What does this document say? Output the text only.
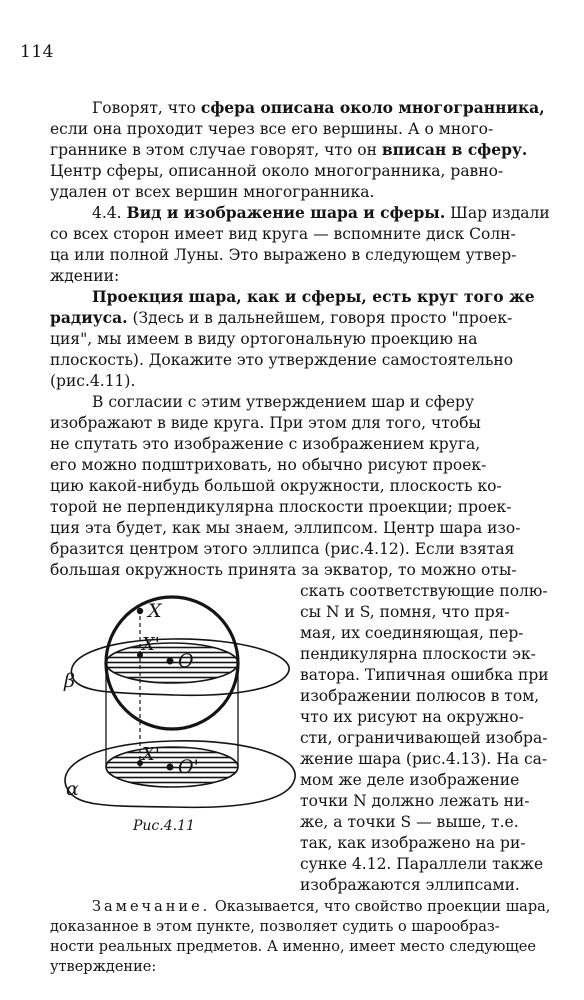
114
Говорят, что сфера описана около многогранника,
если она проходит через все его вершины. А о много-
граннике в этом случае говорят, что он вписан в сферу.
Центр сферы, описанной около многогранника, равно-
удален от всех вершин многогранника.
4.4. Вид и изображение шара и сферы. Шар издали
со всех сторон имеет вид круга — вспомните диск Солн-
ца или полной Луны. Это выражено в следующем утвер-
ждении:
Проекция шара, как и сферы, есть круг того же
радиуса. (Здесь и в дальнейшем, говоря просто "проек-
ция", мы имеем в виду ортогональную проекцию на
плоскость). Докажите это утверждение самостоятельно
(рис.4.11).
В согласии с этим утверждением шар и сферу
изображают в виде круга. При этом для того, чтобы
не спутать это изображение с изображением круга,
его можно подштриховать, но обычно рисуют проек-
цию какой-нибудь большой окружности, плоскость ко-
торой не перпендикулярна плоскости проекции; проек-
ция эта будет, как мы знаем, эллипсом. Центр шара изо-
бразится центром этого эллипса (рис.4.12). Если взятая
большая окружность принята за экватор, то можно оты-
скать соответствующие полю-
сы N и S, помня, что пря-
мая, их соединяющая, пер-
пендикулярна плоскости эк-
ватора. Типичная ошибка при
изображении полюсов в том,
что их рисуют на окружно-
сти, ограничивающей изобра-
жение шара (рис.4.13). На са-
мом же деле изображение
точки N должно лежать ни-
же, а точки S — выше, т.е.
так, как изображено на ри-
сунке 4.12. Параллели также
изображаются эллипсами.
X
X'
O
β
X'
O'
α
Рис.4.11
Замечание. Оказывается, что свойство проекции шара,
доказанное в этом пункте, позволяет судить о шарообраз-
ности реальных предметов. А именно, имеет место следующее
утверждение:
